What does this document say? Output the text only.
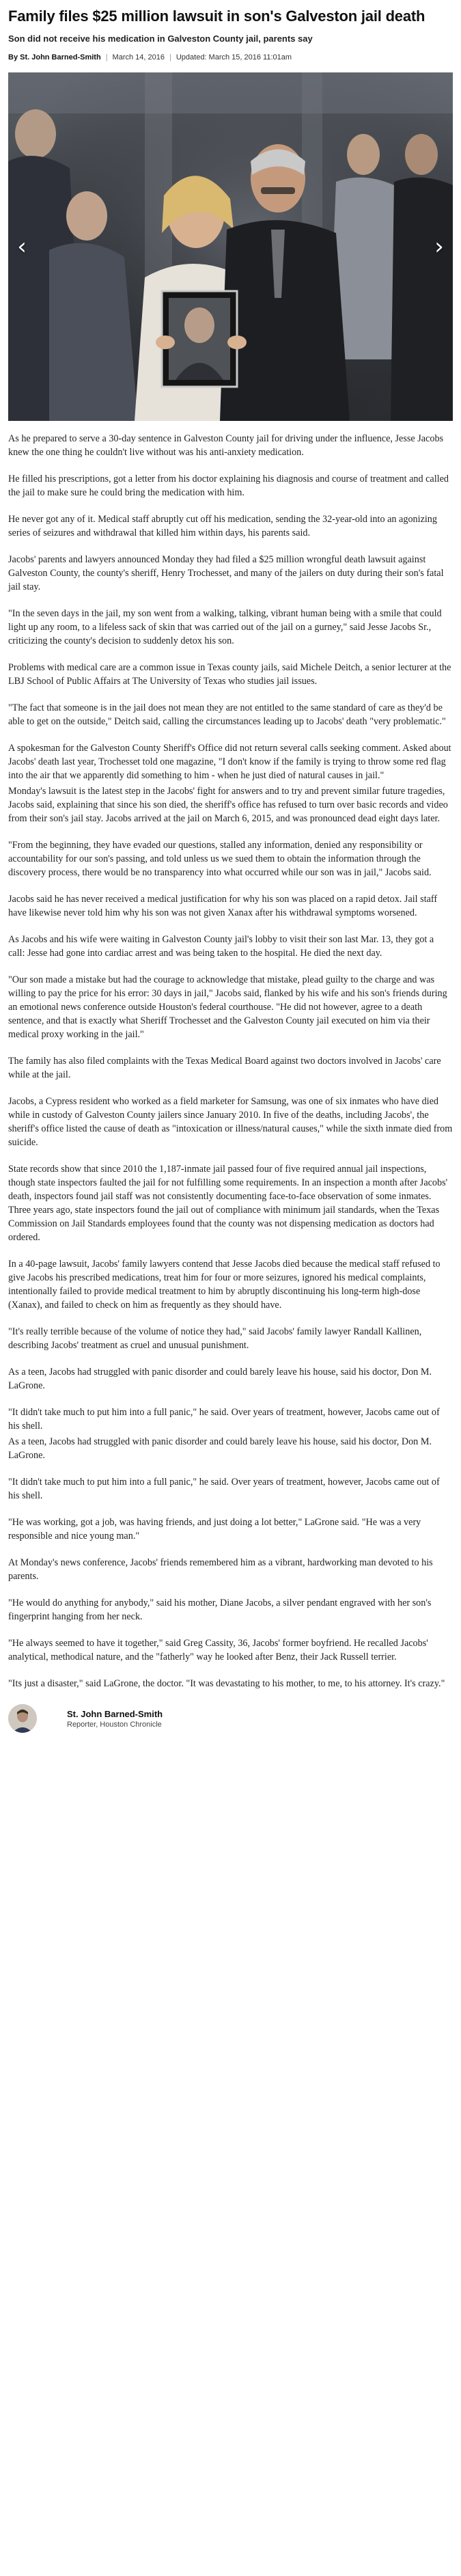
Family files $25 million lawsuit in son's Galveston jail death
Son did not receive his medication in Galveston County jail, parents say
By St. John Barned-Smith | March 14, 2016 | Updated: March 15, 2016 11:01am
‹	›

As he prepared to serve a 30-day sentence in Galveston County jail for driving under the influence, Jesse Jacobs knew the one thing he couldn't live without was his anti-anxiety medication.

He filled his prescriptions, got a letter from his doctor explaining his diagnosis and course of treatment and called the jail to make sure he could bring the medication with him.

He never got any of it. Medical staff abruptly cut off his medication, sending the 32-year-old into an agonizing series of seizures and withdrawal that killed him within days, his parents said.

Jacobs' parents and lawyers announced Monday they had filed a $25 million wrongful death lawsuit against Galveston County, the county's sheriff, Henry Trochesset, and many of the jailers on duty during their son's fatal jail stay.

"In the seven days in the jail, my son went from a walking, talking, vibrant human being with a smile that could light up any room, to a lifeless sack of skin that was carried out of the jail on a gurney," said Jesse Jacobs Sr., criticizing the county's decision to suddenly detox his son.

Problems with medical care are a common issue in Texas county jails, said Michele Deitch, a senior lecturer at the LBJ School of Public Affairs at The University of Texas who studies jail issues.

"The fact that someone is in the jail does not mean they are not entitled to the same standard of care as they'd be able to get on the outside," Deitch said, calling the circumstances leading up to Jacobs' death "very problematic."

A spokesman for the Galveston County Sheriff's Office did not return several calls seeking comment. Asked about Jacobs' death last year, Trochesset told one magazine, "I don't know if the family is trying to throw some red flag into the air that we apparently did something to him - when he just died of natural causes in jail."

Monday's lawsuit is the latest step in the Jacobs' fight for answers and to try and prevent similar future tragedies, Jacobs said, explaining that since his son died, the sheriff's office has refused to turn over basic records and video from their son's jail stay. Jacobs arrived at the jail on March 6, 2015, and was pronounced dead eight days later.

"From the beginning, they have evaded our questions, stalled any information, denied any responsibility or accountability for our son's passing, and told unless us we sued them to obtain the information through the discovery process, there would be no transparency into what occurred while our son was in jail," Jacobs said.

Jacobs said he has never received a medical justification for why his son was placed on a rapid detox. Jail staff have likewise never told him why his son was not given Xanax after his withdrawal symptoms worsened.

As Jacobs and his wife were waiting in Galveston County jail's lobby to visit their son last Mar. 13, they got a call: Jesse had gone into cardiac arrest and was being taken to the hospital. He died the next day.

"Our son made a mistake but had the courage to acknowledge that mistake, plead guilty to the charge and was willing to pay the price for his error: 30 days in jail," Jacobs said, flanked by his wife and his son's friends during an emotional news conference outside Houston's federal courthouse. "He did not however, agree to a death sentence, and that is exactly what Sheriff Trochesset and the Galveston County jail executed on him via their medical proxy working in the jail."

The family has also filed complaints with the Texas Medical Board against two doctors involved in Jacobs' care while at the jail.

Jacobs, a Cypress resident who worked as a field marketer for Samsung, was one of six inmates who have died while in custody of Galveston County jailers since January 2010. In five of the deaths, including Jacobs', the sheriff's office listed the cause of death as "intoxication or illness/natural causes," while the sixth inmate died from suicide.

State records show that since 2010 the 1,187-inmate jail passed four of five required annual jail inspections, though state inspectors faulted the jail for not fulfilling some requirements. In an inspection a month after Jacobs' death, inspectors found jail staff was not consistently documenting face-to-face observation of some inmates. Three years ago, state inspectors found the jail out of compliance with minimum jail standards, when the Texas Commission on Jail Standards employees found that the county was not dispensing medication as doctors had ordered.

In a 40-page lawsuit, Jacobs' family lawyers contend that Jesse Jacobs died because the medical staff refused to give Jacobs his prescribed medications, treat him for four or more seizures, ignored his medical complaints, intentionally failed to provide medical treatment to him by abruptly discontinuing his long-term high-dose (Xanax), and failed to check on him as frequently as they should have.

"It's really terrible because of the volume of notice they had," said Jacobs' family lawyer Randall Kallinen, describing Jacobs' treatment as cruel and unusual punishment.

As a teen, Jacobs had struggled with panic disorder and could barely leave his house, said his doctor, Don M. LaGrone.

"It didn't take much to put him into a full panic," he said. Over years of treatment, however, Jacobs came out of his shell.

As a teen, Jacobs had struggled with panic disorder and could barely leave his house, said his doctor, Don M. LaGrone.

"It didn't take much to put him into a full panic," he said. Over years of treatment, however, Jacobs came out of his shell.

"He was working, got a job, was having friends, and just doing a lot better," LaGrone said. "He was a very responsible and nice young man."

At Monday's news conference, Jacobs' friends remembered him as a vibrant, hardworking man devoted to his parents.

"He would do anything for anybody," said his mother, Diane Jacobs, a silver pendant engraved with her son's fingerprint hanging from her neck.

"He always seemed to have it together," said Greg Cassity, 36, Jacobs' former boyfriend. He recalled Jacobs' analytical, methodical nature, and the "fatherly" way he looked after Benz, their Jack Russell terrier.

"Its just a disaster," said LaGrone, the doctor. "It was devastating to his mother, to me, to his attorney. It's crazy."

St. John Barned-Smith
Reporter, Houston Chronicle
